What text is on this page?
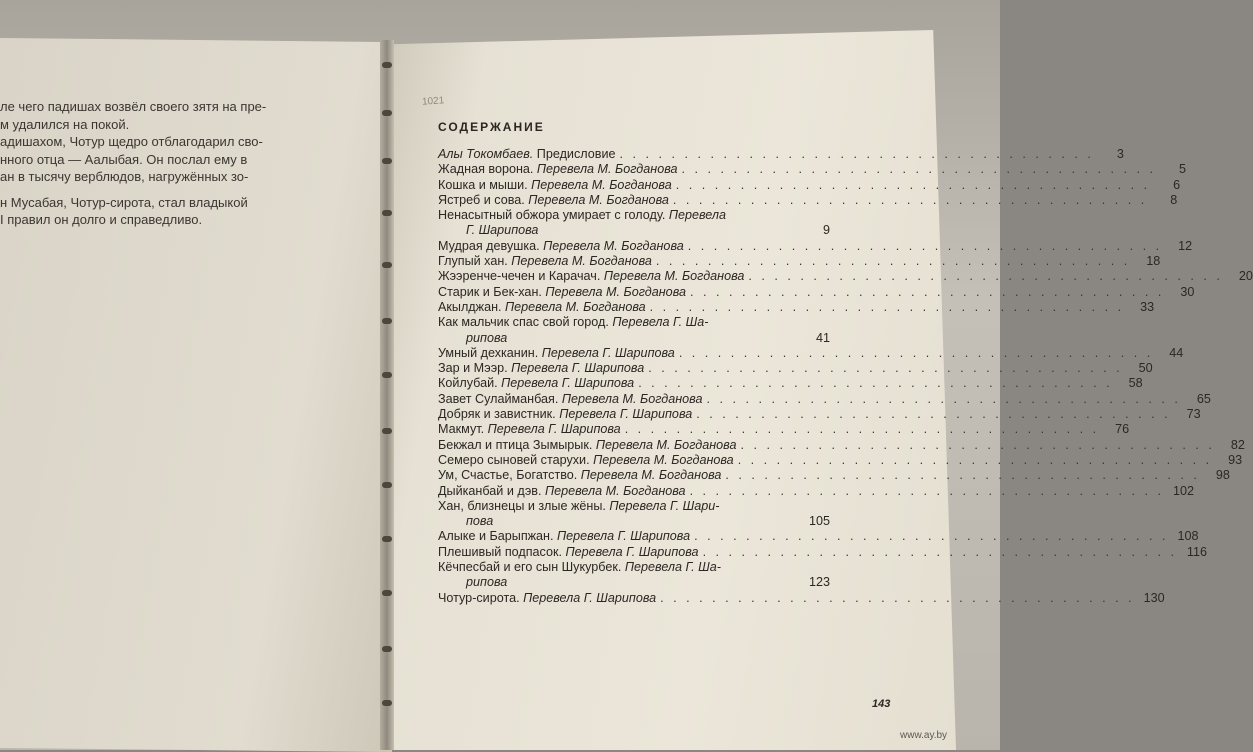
ле чего падишах возвёл своего зятя на пре-
м удалился на покой.
адишахом, Чотур щедро отблагодарил сво-
нного отца — Аалыбая. Он послал ему в
ан в тысячу верблюдов, нагружённых зо-
н Мусабая, Чотур-сирота, стал владыкой
I правил он долго и справедливо.
1021
СОДЕРЖАНИЕ
Алы Токомбаев. Предисловие . . . . . . . . . . . . . . . . . . . . . . . . . . . . . . . . . . . . .	3
Жадная ворона. Перевела М. Богданова . . . . . . . . . . . . . . . . . . . . . . . . . . . . . . . . . . . . .	5
Кошка и мыши. Перевела М. Богданова . . . . . . . . . . . . . . . . . . . . . . . . . . . . . . . . . . . . .	6
Ястреб и сова. Перевела М. Богданова . . . . . . . . . . . . . . . . . . . . . . . . . . . . . . . . . . . . .	8
Ненасытный обжора умирает с голоду. Перевела
Г. Шарипова	9
Мудрая девушка. Перевела М. Богданова . . . . . . . . . . . . . . . . . . . . . . . . . . . . . . . . . . . . .	12
Глупый хан. Перевела М. Богданова . . . . . . . . . . . . . . . . . . . . . . . . . . . . . . . . . . . . .	18
Жээренче-чечен и Карачач. Перевела М. Богданова . . . . . . . . . . . . . . . . . . . . . . . . . . . . . . . . . . . . .	20
Старик и Бек-хан. Перевела М. Богданова . . . . . . . . . . . . . . . . . . . . . . . . . . . . . . . . . . . . .	30
Акылджан. Перевела М. Богданова . . . . . . . . . . . . . . . . . . . . . . . . . . . . . . . . . . . . .	33
Как мальчик спас свой город. Перевела Г. Ша-
рипова	41
Умный дехканин. Перевела Г. Шарипова . . . . . . . . . . . . . . . . . . . . . . . . . . . . . . . . . . . . .	44
Зар и Мээр. Перевела Г. Шарипова . . . . . . . . . . . . . . . . . . . . . . . . . . . . . . . . . . . . .	50
Койлубай. Перевела Г. Шарипова . . . . . . . . . . . . . . . . . . . . . . . . . . . . . . . . . . . . .	58
Завет Сулайманбая. Перевела М. Богданова . . . . . . . . . . . . . . . . . . . . . . . . . . . . . . . . . . . . .	65
Добряк и завистник. Перевела Г. Шарипова . . . . . . . . . . . . . . . . . . . . . . . . . . . . . . . . . . . . .	73
Макмут. Перевела Г. Шарипова . . . . . . . . . . . . . . . . . . . . . . . . . . . . . . . . . . . . .	76
Бекжал и птица Зымырык. Перевела М. Богданова . . . . . . . . . . . . . . . . . . . . . . . . . . . . . . . . . . . . .	82
Семеро сыновей старухи. Перевела М. Богданова . . . . . . . . . . . . . . . . . . . . . . . . . . . . . . . . . . . . .	93
Ум, Счастье, Богатство. Перевела М. Богданова . . . . . . . . . . . . . . . . . . . . . . . . . . . . . . . . . . . . .	98
Дыйканбай и дэв. Перевела М. Богданова . . . . . . . . . . . . . . . . . . . . . . . . . . . . . . . . . . . . . 102
Хан, близнецы и злые жёны. Перевела Г. Шари-
пова	105
Алыке и Барыпжан. Перевела Г. Шарипова . . . . . . . . . . . . . . . . . . . . . . . . . . . . . . . . . . . . . 108
Плешивый подпасок. Перевела Г. Шарипова . . . . . . . . . . . . . . . . . . . . . . . . . . . . . . . . . . . . . 116
Кёчпесбай и его сын Шукурбек. Перевела Г. Ша-
рипова	123
Чотур-сирота. Перевела Г. Шарипова . . . . . . . . . . . . . . . . . . . . . . . . . . . . . . . . . . . . . 130
143
www.ay.by
